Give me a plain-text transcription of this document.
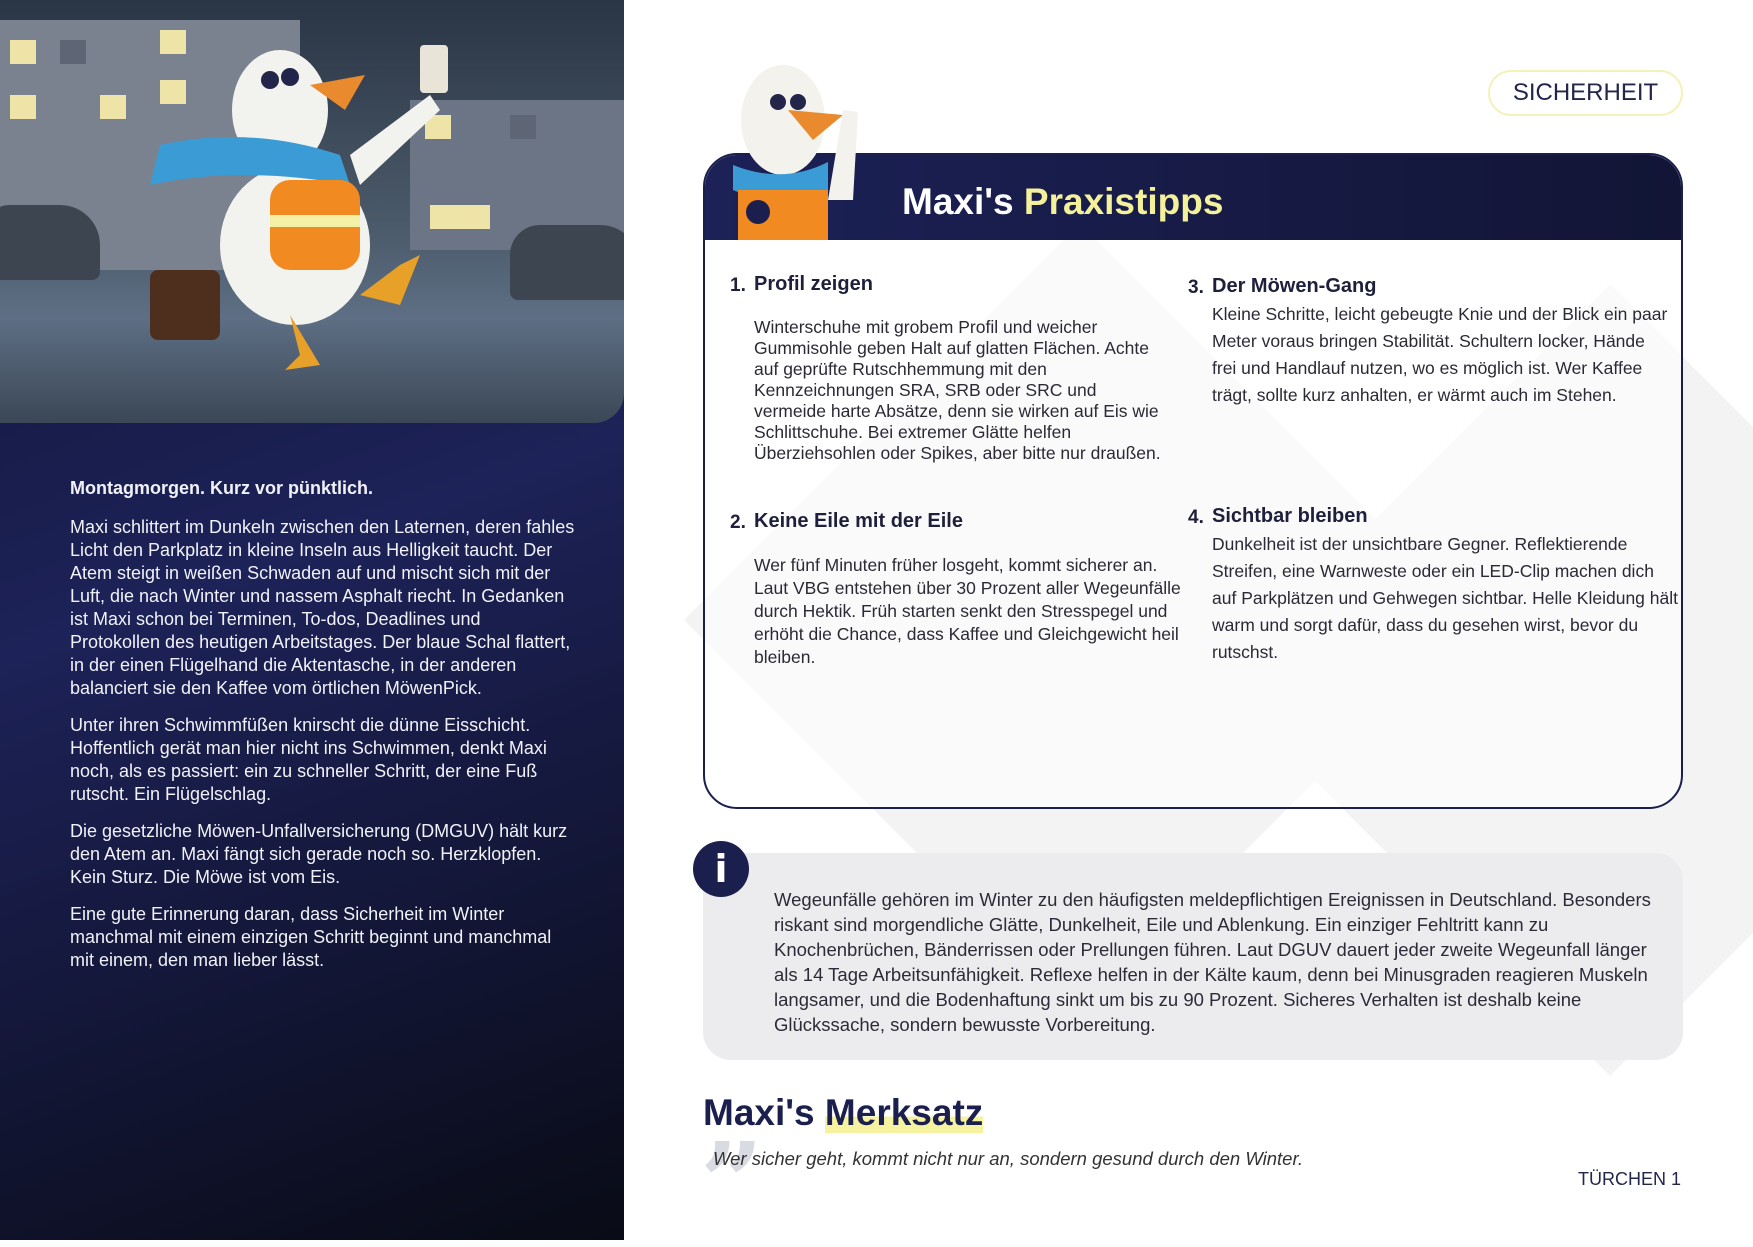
Montagmorgen. Kurz vor pünktlich.

Maxi schlittert im Dunkeln zwischen den Laternen, deren fahles Licht den Parkplatz in kleine Inseln aus Helligkeit taucht. Der Atem steigt in weißen Schwaden auf und mischt sich mit der Luft, die nach Winter und nassem Asphalt riecht. In Gedanken ist Maxi schon bei Terminen, To-dos, Deadlines und Protokollen des heutigen Arbeitstages. Der blaue Schal flattert, in der einen Flügelhand die Aktentasche, in der anderen balanciert sie den Kaffee vom örtlichen MöwenPick.

Unter ihren Schwimmfüßen knirscht die dünne Eisschicht. Hoffentlich gerät man hier nicht ins Schwimmen, denkt Maxi noch, als es passiert: ein zu schneller Schritt, der eine Fuß rutscht. Ein Flügelschlag.

Die gesetzliche Möwen-Unfallversicherung (DMGUV) hält kurz den Atem an. Maxi fängt sich gerade noch so. Herzklopfen. Kein Sturz. Die Möwe ist vom Eis.

Eine gute Erinnerung daran, dass Sicherheit im Winter manchmal mit einem einzigen Schritt beginnt und manchmal mit einem, den man lieber lässt.

SICHERHEIT
Maxi's Praxistipps
1. Profil zeigen
Winterschuhe mit grobem Profil und weicher Gummisohle geben Halt auf glatten Flächen. Achte auf geprüfte Rutschhemmung mit den Kennzeichnungen SRA, SRB oder SRC und vermeide harte Absätze, denn sie wirken auf Eis wie Schlittschuhe. Bei extremer Glätte helfen Überziehsohlen oder Spikes, aber bitte nur draußen.
2. Keine Eile mit der Eile
Wer fünf Minuten früher losgeht, kommt sicherer an. Laut VBG entstehen über 30 Prozent aller Wegeunfälle durch Hektik. Früh starten senkt den Stresspegel und erhöht die Chance, dass Kaffee und Gleichgewicht heil bleiben.
3. Der Möwen-Gang
Kleine Schritte, leicht gebeugte Knie und der Blick ein paar Meter voraus bringen Stabilität. Schultern locker, Hände frei und Handlauf nutzen, wo es möglich ist. Wer Kaffee trägt, sollte kurz anhalten, er wärmt auch im Stehen.
4. Sichtbar bleiben
Dunkelheit ist der unsichtbare Gegner. Reflektierende Streifen, eine Warnweste oder ein LED-Clip machen dich auf Parkplätzen und Gehwegen sichtbar. Helle Kleidung hält warm und sorgt dafür, dass du gesehen wirst, bevor du rutschst.
Wegeunfälle gehören im Winter zu den häufigsten meldepflichtigen Ereignissen in Deutschland. Besonders riskant sind morgendliche Glätte, Dunkelheit, Eile und Ablenkung. Ein einziger Fehltritt kann zu Knochenbrüchen, Bänderrissen oder Prellungen führen. Laut DGUV dauert jeder zweite Wegeunfall länger als 14 Tage Arbeitsunfähigkeit. Reflexe helfen in der Kälte kaum, denn bei Minusgraden reagieren Muskeln langsamer, und die Bodenhaftung sinkt um bis zu 90 Prozent. Sicheres Verhalten ist deshalb keine Glückssache, sondern bewusste Vorbereitung.
i
Maxi's Merksatz
”
Wer sicher geht, kommt nicht nur an, sondern gesund durch den Winter.
TÜRCHEN 1
